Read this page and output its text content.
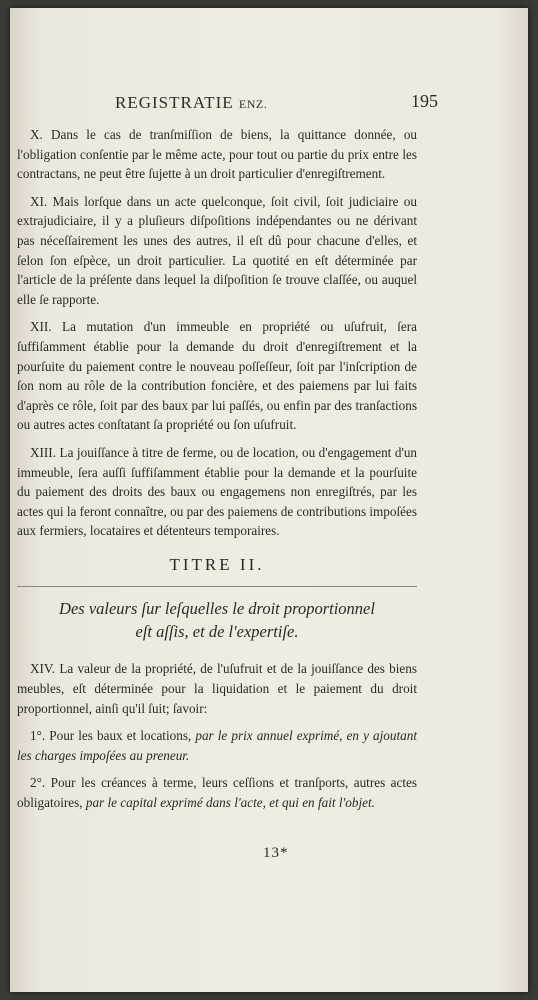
REGISTRATIE ENZ.	195

X. Dans le cas de tranſmiſſion de biens, la quittance donnée, ou l'obligation conſentie par le même acte, pour tout ou partie du prix entre les contractans, ne peut être ſujette à un droit particulier d'enregiſtrement.

XI. Mais lorſque dans un acte quelconque, ſoit civil, ſoit judiciaire ou extrajudiciaire, il y a pluſieurs diſpoſitions indépendantes ou ne dérivant pas néceſſairement les unes des autres, il eſt dû pour chacune d'elles, et ſelon ſon eſpèce, un droit particulier. La quotité en eſt déterminée par l'article de la préſente dans lequel la diſpoſition ſe trouve claſſée, ou auquel elle ſe rapporte.

XII. La mutation d'un immeuble en propriété ou uſufruit, ſera ſuffiſamment établie pour la demande du droit d'enregiſtrement et la pourſuite du paiement contre le nouveau poſſeſſeur, ſoit par l'inſcription de ſon nom au rôle de la contribution foncière, et des paiemens par lui faits d'après ce rôle, ſoit par des baux par lui paſſés, ou enfin par des tranſactions ou autres actes conſtatant ſa propriété ou ſon uſufruit.

XIII. La jouiſſance à titre de ferme, ou de location, ou d'engagement d'un immeuble, ſera auſſi ſuffiſamment établie pour la demande et la pourſuite du paiement des droits des baux ou engagemens non enregiſtrés, par les actes qui la feront connaître, ou par des paiemens de contributions impoſées aux fermiers, locataires et détenteurs temporaires.

TITRE II.
Des valeurs ſur leſquelles le droit proportionnel
eſt aſſis, et de l'expertiſe.

XIV. La valeur de la propriété, de l'uſufruit et de la jouiſſance des biens meubles, eſt déterminée pour la liquidation et le paiement du droit proportionnel, ainſi qu'il ſuit; ſavoir:

1°. Pour les baux et locations, par le prix annuel exprimé, en y ajoutant les charges impoſées au preneur.

2°. Pour les créances à terme, leurs ceſſions et tranſports, autres actes obligatoires, par le capital exprimé dans l'acte, et qui en fait l'objet.

13*
